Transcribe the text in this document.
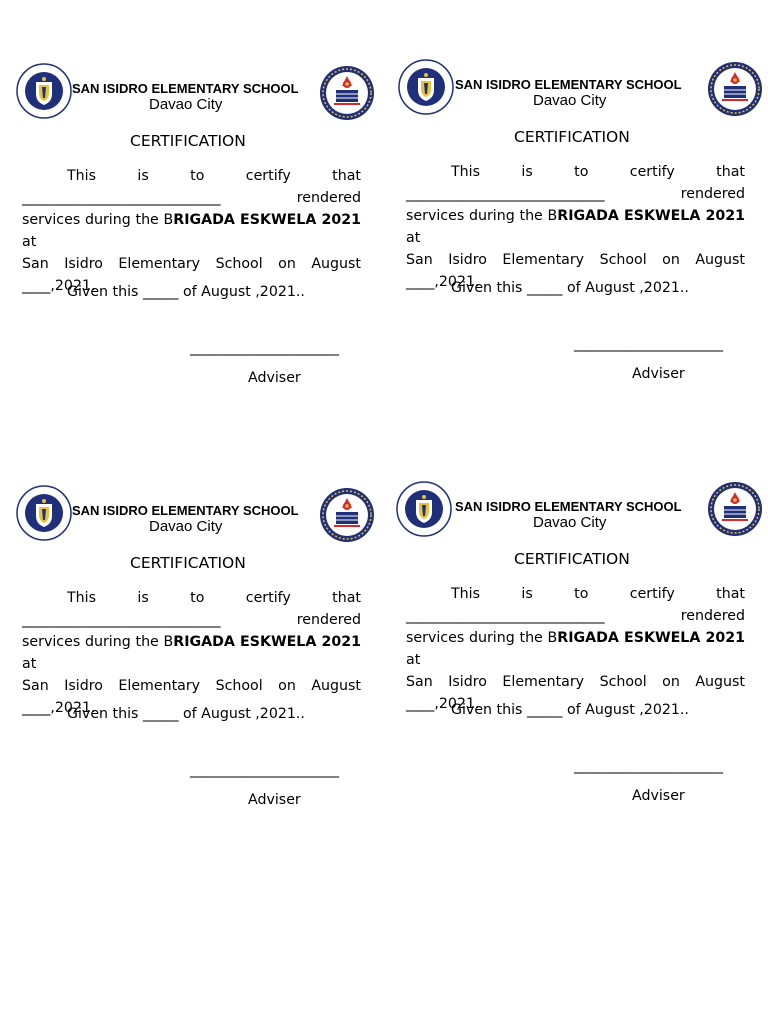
SAN ISIDRO ELEMENTARY SCHOOL
Davao City
CERTIFICATION
This	is	to	certify	that
____________________________	rendered
services during the BRIGADA ESKWELA 2021 at
San Isidro Elementary School on August
____,2021.
Given this _____ of August ,2021..
_____________________
Adviser
SAN ISIDRO ELEMENTARY SCHOOL
Davao City
CERTIFICATION
This	is	to	certify	that
____________________________	rendered
services during the BRIGADA ESKWELA 2021 at
San Isidro Elementary School on August
____,2021.
Given this _____ of August ,2021..
_____________________
Adviser
SAN ISIDRO ELEMENTARY SCHOOL
Davao City
CERTIFICATION
This	is	to	certify	that
____________________________	rendered
services during the BRIGADA ESKWELA 2021 at
San Isidro Elementary School on August
____,2021.
Given this _____ of August ,2021..
_____________________
Adviser
SAN ISIDRO ELEMENTARY SCHOOL
Davao City
CERTIFICATION
This	is	to	certify	that
____________________________	rendered
services during the BRIGADA ESKWELA 2021 at
San Isidro Elementary School on August
____,2021.
Given this _____ of August ,2021..
_____________________
Adviser
